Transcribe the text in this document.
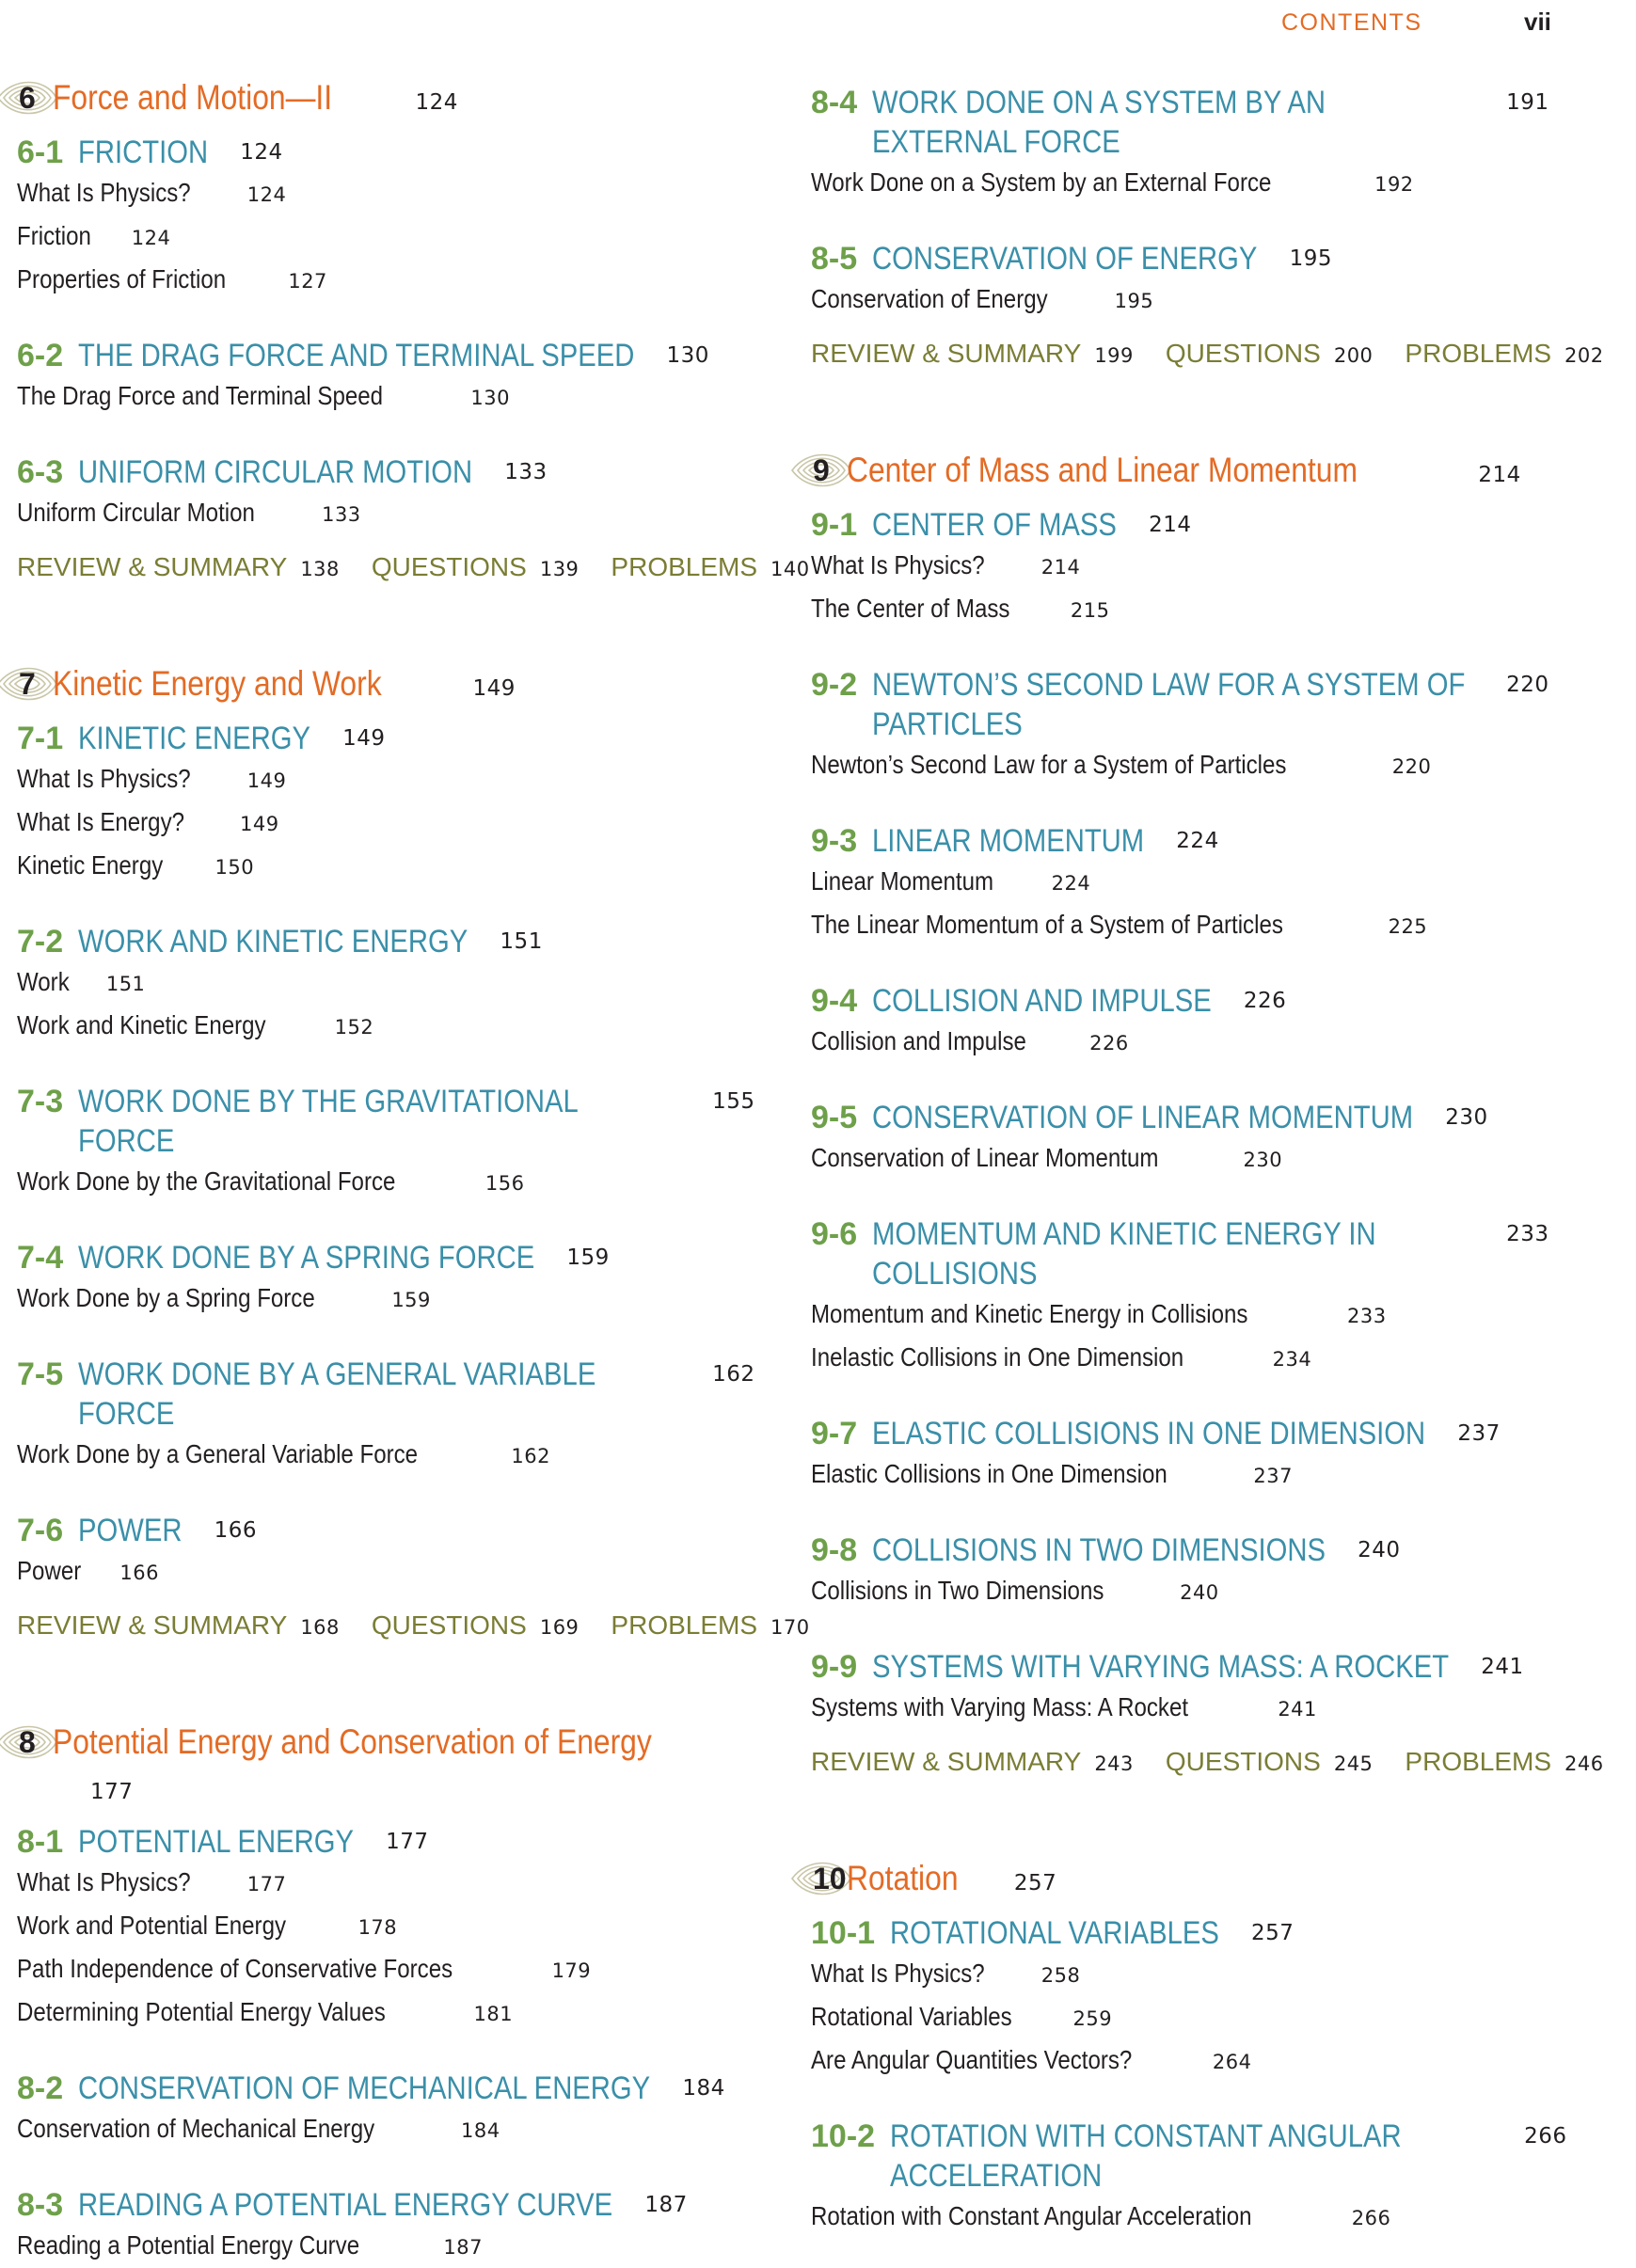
CONTENTS	vii
6 Force and Motion—II	124
6-1 FRICTION 124
What Is Physics?	124
Friction 124
Properties of Friction	127
6-2 THE DRAG FORCE AND TERMINAL SPEED 130
The Drag Force and Terminal Speed	130
6-3 UNIFORM CIRCULAR MOTION 133
Uniform Circular Motion	133
REVIEW & SUMMARY 138 QUESTIONS 139 PROBLEMS 140
7 Kinetic Energy and Work	149
7-1 KINETIC ENERGY 149
What Is Physics?	149
What Is Energy?	149
Kinetic Energy	150
7-2 WORK AND KINETIC ENERGY 151
Work 151
Work and Kinetic Energy	152
7-3 WORK DONE BY THE GRAVITATIONAL FORCE
155
Work Done by the Gravitational Force	156
7-4 WORK DONE BY A SPRING FORCE 159
Work Done by a Spring Force	159
7-5 WORK DONE BY A GENERAL VARIABLE FORCE
162
Work Done by a General Variable Force	162
7-6 POWER 166
Power 166
REVIEW & SUMMARY 168 QUESTIONS 169 PROBLEMS 170
8 Potential Energy and Conservation of Energy177
8-1 POTENTIAL ENERGY 177
What Is Physics?	177
Work and Potential Energy	178
Path Independence of Conservative Forces	179
Determining Potential Energy Values	181
8-2 CONSERVATION OF MECHANICAL ENERGY 184
Conservation of Mechanical Energy	184
8-3 READING A POTENTIAL ENERGY CURVE 187
Reading a Potential Energy Curve	187
8-4 WORK DONE ON A SYSTEM BY AN EXTERNAL FORCE
191
Work Done on a System by an External Force	192
8-5 CONSERVATION OF ENERGY 195
Conservation of Energy	195
REVIEW & SUMMARY 199 QUESTIONS 200 PROBLEMS 202
9 Center of Mass and Linear Momentum	214
9-1 CENTER OF MASS 214
What Is Physics?	214
The Center of Mass	215
9-2 NEWTON’S SECOND LAW FOR A SYSTEM OF PARTICLES
220
Newton’s Second Law for a System of Particles	220
9-3 LINEAR MOMENTUM 224
Linear Momentum	224
The Linear Momentum of a System of Particles	225
9-4 COLLISION AND IMPULSE 226
Collision and Impulse	226
9-5 CONSERVATION OF LINEAR MOMENTUM 230
Conservation of Linear Momentum	230
9-6 MOMENTUM AND KINETIC ENERGY IN COLLISIONS
233
Momentum and Kinetic Energy in Collisions	233
Inelastic Collisions in One Dimension	234
9-7 ELASTIC COLLISIONS IN ONE DIMENSION 237
Elastic Collisions in One Dimension	237
9-8 COLLISIONS IN TWO DIMENSIONS 240
Collisions in Two Dimensions	240
9-9 SYSTEMS WITH VARYING MASS: A ROCKET 241
Systems with Varying Mass: A Rocket	241
REVIEW & SUMMARY 243 QUESTIONS 245 PROBLEMS 246
10 Rotation	257
10-1 ROTATIONAL VARIABLES 257
What Is Physics?	258
Rotational Variables	259
Are Angular Quantities Vectors?	264
10-2 ROTATION WITH CONSTANT ANGULAR ACCELERATION
266
Rotation with Constant Angular Acceleration	266
